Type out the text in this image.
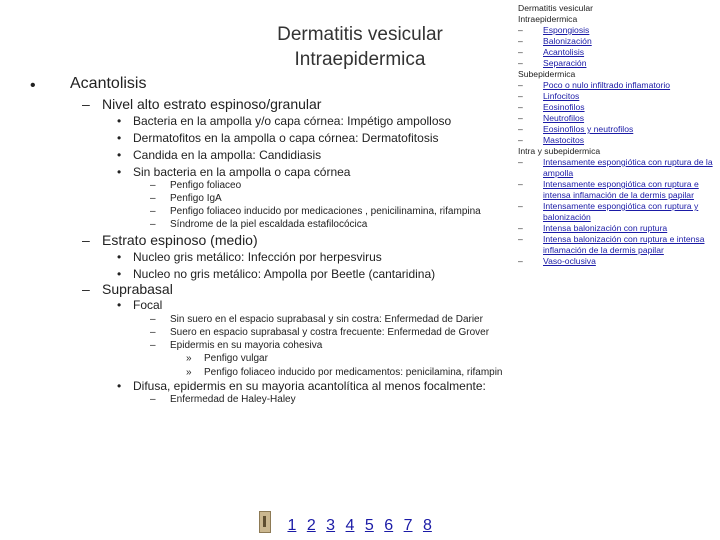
Dermatitis vesicular
Intraepidermica
• Acantolisis
– Nivel alto estrato espinoso/granular
• Bacteria en la ampolla y/o capa córnea: Impétigo ampolloso
• Dermatofitos en la ampolla o capa córnea: Dermatofitosis
• Candida en la ampolla: Candidiasis
• Sin bacteria en la ampolla o capa córnea
– Penfigo foliaceo
– Penfigo IgA
– Penfigo foliaceo inducido por medicaciones , penicilinamina, rifampina
– Síndrome de la piel escaldada estafilocócica
– Estrato espinoso (medio)
• Nucleo gris metálico: Infección por herpesvirus
• Nucleo no gris metálico: Ampolla por Beetle (cantaridina)
– Suprabasal
• Focal
– Sin suero en el espacio suprabasal y sin costra: Enfermedad de Darier
– Suero en espacio suprabasal y costra frecuente: Enfermedad de Grover
– Epidermis en su mayoria cohesiva
» Penfigo vulgar
» Penfigo foliaceo inducido por medicamentos: penicilamina, rifampin
• Difusa, epidermis en su mayoria acantolítica al menos focalmente:
– Enfermedad de Haley-Haley
Dermatitis vesicular
Intraepidermica
– Espongiosis
– Balonización
– Acantolisis
– Separación
Subepidermica
– Poco o nulo infiltrado inflamatorio
– Linfocitos
– Eosinofilos
– Neutrofilos
– Eosinofilos y neutrofilos
– Mastocitos
Intra y subepidermica
– Intensamente espongiótica con ruptura de la ampolla
– Intensamente espongiótica con ruptura e intensa inflamación de la dermis papilar
– Intensamente espongiótica con ruptura y balonización
– Intensa balonización con ruptura
– Intensa balonización con ruptura e intensa inflamación de la dermis papilar
– Vaso-oclusiva
1 2 3 4 5 6 7 8
